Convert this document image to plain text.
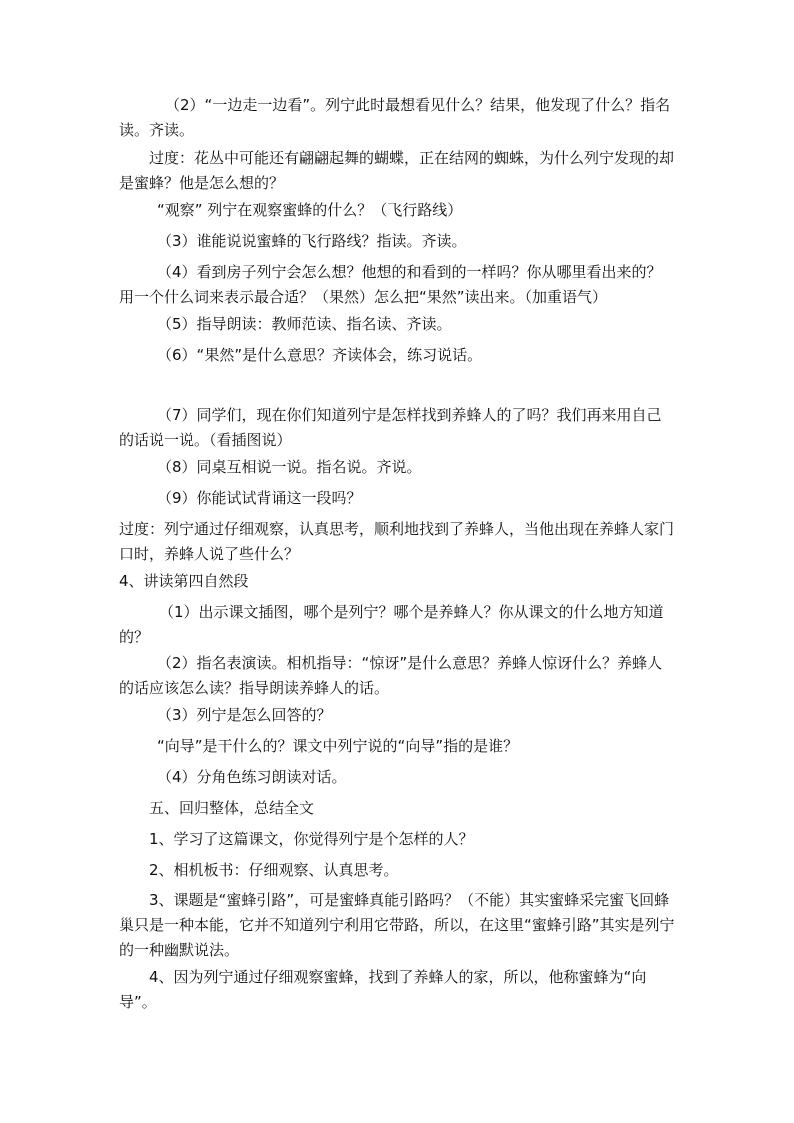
（2）“一边走一边看”。列宁此时最想看见什么？结果，他发现了什么？指名读。齐读。

过度：花丛中可能还有翩翩起舞的蝴蝶，正在结网的蜘蛛，为什么列宁发现的却是蜜蜂？他是怎么想的？

“观察” 列宁在观察蜜蜂的什么？（飞行路线）

（3）谁能说说蜜蜂的飞行路线？指读。齐读。

（4）看到房子列宁会怎么想？他想的和看到的一样吗？你从哪里看出来的？用一个什么词来表示最合适？（果然）怎么把“果然”读出来。（加重语气）

（5）指导朗读：教师范读、指名读、齐读。

（6）“果然”是什么意思？齐读体会，练习说话。

（7）同学们，现在你们知道列宁是怎样找到养蜂人的了吗？我们再来用自己的话说一说。（看插图说）

（8）同桌互相说一说。指名说。齐说。

（9）你能试试背诵这一段吗？

过度：列宁通过仔细观察，认真思考，顺利地找到了养蜂人，当他出现在养蜂人家门口时，养蜂人说了些什么？

4、讲读第四自然段

（1）出示课文插图，哪个是列宁？哪个是养蜂人？你从课文的什么地方知道的？

（2）指名表演读。相机指导：“惊讶”是什么意思？养蜂人惊讶什么？养蜂人的话应该怎么读？指导朗读养蜂人的话。

（3）列宁是怎么回答的？

“向导”是干什么的？课文中列宁说的“向导”指的是谁？

（4）分角色练习朗读对话。

五、回归整体，总结全文

1、学习了这篇课文，你觉得列宁是个怎样的人？

2、相机板书：仔细观察、认真思考。

3、课题是“蜜蜂引路”，可是蜜蜂真能引路吗？（不能）其实蜜蜂采完蜜飞回蜂巢只是一种本能，它并不知道列宁利用它带路，所以，在这里“蜜蜂引路”其实是列宁的一种幽默说法。

4、因为列宁通过仔细观察蜜蜂，找到了养蜂人的家，所以，他称蜜蜂为“向导”。
